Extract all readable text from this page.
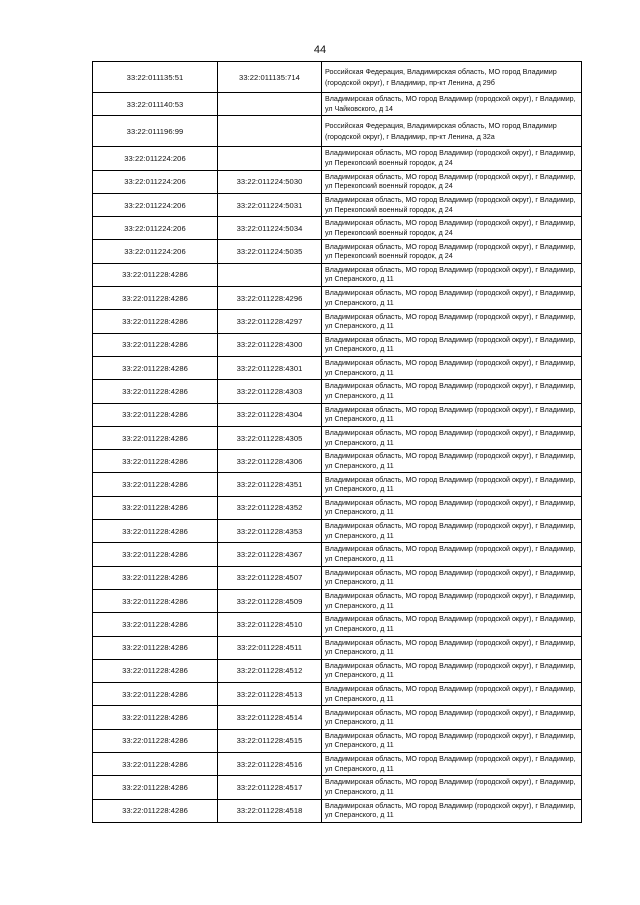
44
33:22:011135:51	33:22:011135:714	Российская Федерация, Владимирская область, МО город Владимир (городской округ), г Владимир, пр-кт Ленина, д 29б
33:22:011140:53		Владимирская область, МО город Владимир (городской округ), г Владимир, ул Чайковского, д 14
33:22:011196:99		Российская Федерация, Владимирская область, МО город Владимир (городской округ), г Владимир, пр-кт Ленина, д 32а
33:22:011224:206		Владимирская область, МО город Владимир (городской округ), г Владимир, ул Перекопский военный городок, д 24
33:22:011224:206	33:22:011224:5030	Владимирская область, МО город Владимир (городской округ), г Владимир, ул Перекопский военный городок, д 24
33:22:011224:206	33:22:011224:5031	Владимирская область, МО город Владимир (городской округ), г Владимир, ул Перекопский военный городок, д 24
33:22:011224:206	33:22:011224:5034	Владимирская область, МО город Владимир (городской округ), г Владимир, ул Перекопский военный городок, д 24
33:22:011224:206	33:22:011224:5035	Владимирская область, МО город Владимир (городской округ), г Владимир, ул Перекопский военный городок, д 24
33:22:011228:4286		Владимирская область, МО город Владимир (городской округ), г Владимир, ул Сперанского, д 11
33:22:011228:4286	33:22:011228:4296	Владимирская область, МО город Владимир (городской округ), г Владимир, ул Сперанского, д 11
33:22:011228:4286	33:22:011228:4297	Владимирская область, МО город Владимир (городской округ), г Владимир, ул Сперанского, д 11
33:22:011228:4286	33:22:011228:4300	Владимирская область, МО город Владимир (городской округ), г Владимир, ул Сперанского, д 11
33:22:011228:4286	33:22:011228:4301	Владимирская область, МО город Владимир (городской округ), г Владимир, ул Сперанского, д 11
33:22:011228:4286	33:22:011228:4303	Владимирская область, МО город Владимир (городской округ), г Владимир, ул Сперанского, д 11
33:22:011228:4286	33:22:011228:4304	Владимирская область, МО город Владимир (городской округ), г Владимир, ул Сперанского, д 11
33:22:011228:4286	33:22:011228:4305	Владимирская область, МО город Владимир (городской округ), г Владимир, ул Сперанского, д 11
33:22:011228:4286	33:22:011228:4306	Владимирская область, МО город Владимир (городской округ), г Владимир, ул Сперанского, д 11
33:22:011228:4286	33:22:011228:4351	Владимирская область, МО город Владимир (городской округ), г Владимир, ул Сперанского, д 11
33:22:011228:4286	33:22:011228:4352	Владимирская область, МО город Владимир (городской округ), г Владимир, ул Сперанского, д 11
33:22:011228:4286	33:22:011228:4353	Владимирская область, МО город Владимир (городской округ), г Владимир, ул Сперанского, д 11
33:22:011228:4286	33:22:011228:4367	Владимирская область, МО город Владимир (городской округ), г Владимир, ул Сперанского, д 11
33:22:011228:4286	33:22:011228:4507	Владимирская область, МО город Владимир (городской округ), г Владимир, ул Сперанского, д 11
33:22:011228:4286	33:22:011228:4509	Владимирская область, МО город Владимир (городской округ), г Владимир, ул Сперанского, д 11
33:22:011228:4286	33:22:011228:4510	Владимирская область, МО город Владимир (городской округ), г Владимир, ул Сперанского, д 11
33:22:011228:4286	33:22:011228:4511	Владимирская область, МО город Владимир (городской округ), г Владимир, ул Сперанского, д 11
33:22:011228:4286	33:22:011228:4512	Владимирская область, МО город Владимир (городской округ), г Владимир, ул Сперанского, д 11
33:22:011228:4286	33:22:011228:4513	Владимирская область, МО город Владимир (городской округ), г Владимир, ул Сперанского, д 11
33:22:011228:4286	33:22:011228:4514	Владимирская область, МО город Владимир (городской округ), г Владимир, ул Сперанского, д 11
33:22:011228:4286	33:22:011228:4515	Владимирская область, МО город Владимир (городской округ), г Владимир, ул Сперанского, д 11
33:22:011228:4286	33:22:011228:4516	Владимирская область, МО город Владимир (городской округ), г Владимир, ул Сперанского, д 11
33:22:011228:4286	33:22:011228:4517	Владимирская область, МО город Владимир (городской округ), г Владимир, ул Сперанского, д 11
33:22:011228:4286	33:22:011228:4518	Владимирская область, МО город Владимир (городской округ), г Владимир, ул Сперанского, д 11
